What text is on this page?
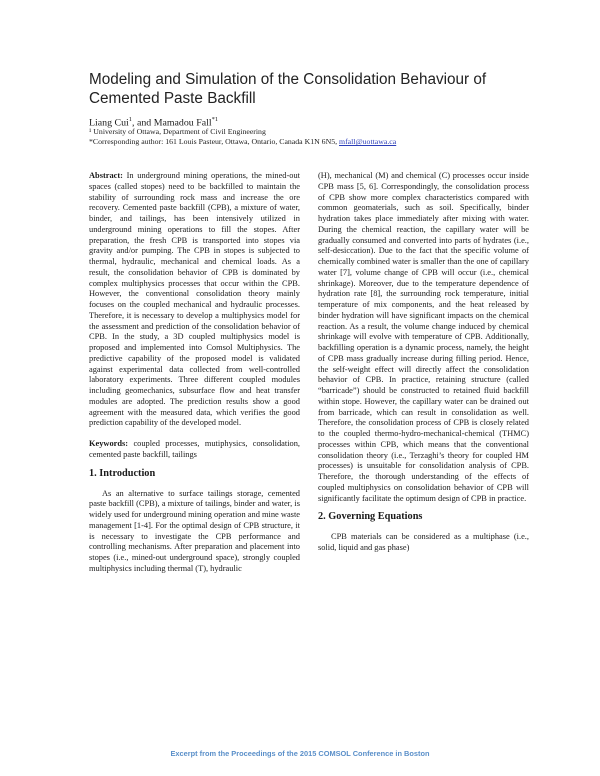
Modeling and Simulation of the Consolidation Behaviour of Cemented Paste Backfill
Liang Cui$^1$, and Mamadou Fall$^{*1}$
¹ University of Ottawa, Department of Civil Engineering
*Corresponding author: 161 Louis Pasteur, Ottawa, Ontario, Canada K1N 6N5, mfall@uottawa.ca

Abstract: In underground mining operations, the mined-out spaces (called stopes) need to be backfilled to maintain the stability of surrounding rock mass and increase the ore recovery. Cemented paste backfill (CPB), a mixture of water, binder, and tailings, has been intensively utilized in underground mining operations to fill the stopes. After preparation, the fresh CPB is transported into stopes via gravity and/or pumping. The CPB in stopes is subjected to thermal, hydraulic, mechanical and chemical loads. As a result, the consolidation behavior of CPB is dominated by complex multiphysics processes that occur within the CPB. However, the conventional consolidation theory mainly focuses on the coupled mechanical and hydraulic processes. Therefore, it is necessary to develop a multiphysics model for the assessment and prediction of the consolidation behavior of CPB. In the study, a 3D coupled multiphysics model is proposed and implemented into Comsol Multiphysics. The predictive capability of the proposed model is validated against experimental data collected from well-controlled laboratory experiments. Three different coupled modules including geomechanics, subsurface flow and heat transfer modules are adopted. The prediction results show a good agreement with the measured data, which verifies the good prediction capability of the developed model.

Keywords: coupled processes, mutiphysics, consolidation, cemented paste backfill, tailings

1. Introduction

As an alternative to surface tailings storage, cemented paste backfill (CPB), a mixture of tailings, binder and water, is widely used for underground mining operation and mine waste management [1-4]. For the optimal design of CPB structure, it is necessary to investigate the CPB performance and controlling mechanisms. After preparation and placement into stopes (i.e., mined-out underground space), strongly coupled multiphysics including thermal (T), hydraulic

(H), mechanical (M) and chemical (C) processes occur inside CPB mass [5, 6]. Correspondingly, the consolidation process of CPB show more complex characteristics compared with common geomaterials, such as soil. Specifically, binder hydration takes place immediately after mixing with water. During the chemical reaction, the capillary water will be gradually consumed and converted into parts of hydrates (i.e., self-desiccation). Due to the fact that the specific volume of chemically combined water is smaller than the one of capillary water [7], volume change of CPB will occur (i.e., chemical shrinkage). Moreover, due to the temperature dependence of hydration rate [8], the surrounding rock temperature, initial temperature of mix components, and the heat released by binder hydration will have significant impacts on the chemical reaction. As a result, the volume change induced by chemical shrinkage will evolve with temperature of CPB. Additionally, backfilling operation is a dynamic process, namely, the height of CPB mass gradually increase during filling period. Hence, the self-weight effect will directly affect the consolidation behavior of CPB. In practice, retaining structure (called “barricade”) should be constructed to retained fluid backfill within stope. However, the capillary water can be drained out from barricade, which can result in consolidation as well. Therefore, the consolidation process of CPB is closely related to the coupled thermo-hydro-mechanical-chemical (THMC) processes within CPB, which means that the conventional consolidation theory (i.e., Terzaghi’s theory for coupled HM processes) is unsuitable for consolidation analysis of CPB. Therefore, the thorough understanding of the effects of coupled multiphysics on consolidation behavior of CPB will significantly facilitate the optimum design of CPB in practice.

2. Governing Equations

CPB materials can be considered as a multiphase (i.e., solid, liquid and gas phase)

Excerpt from the Proceedings of the 2015 COMSOL Conference in Boston
